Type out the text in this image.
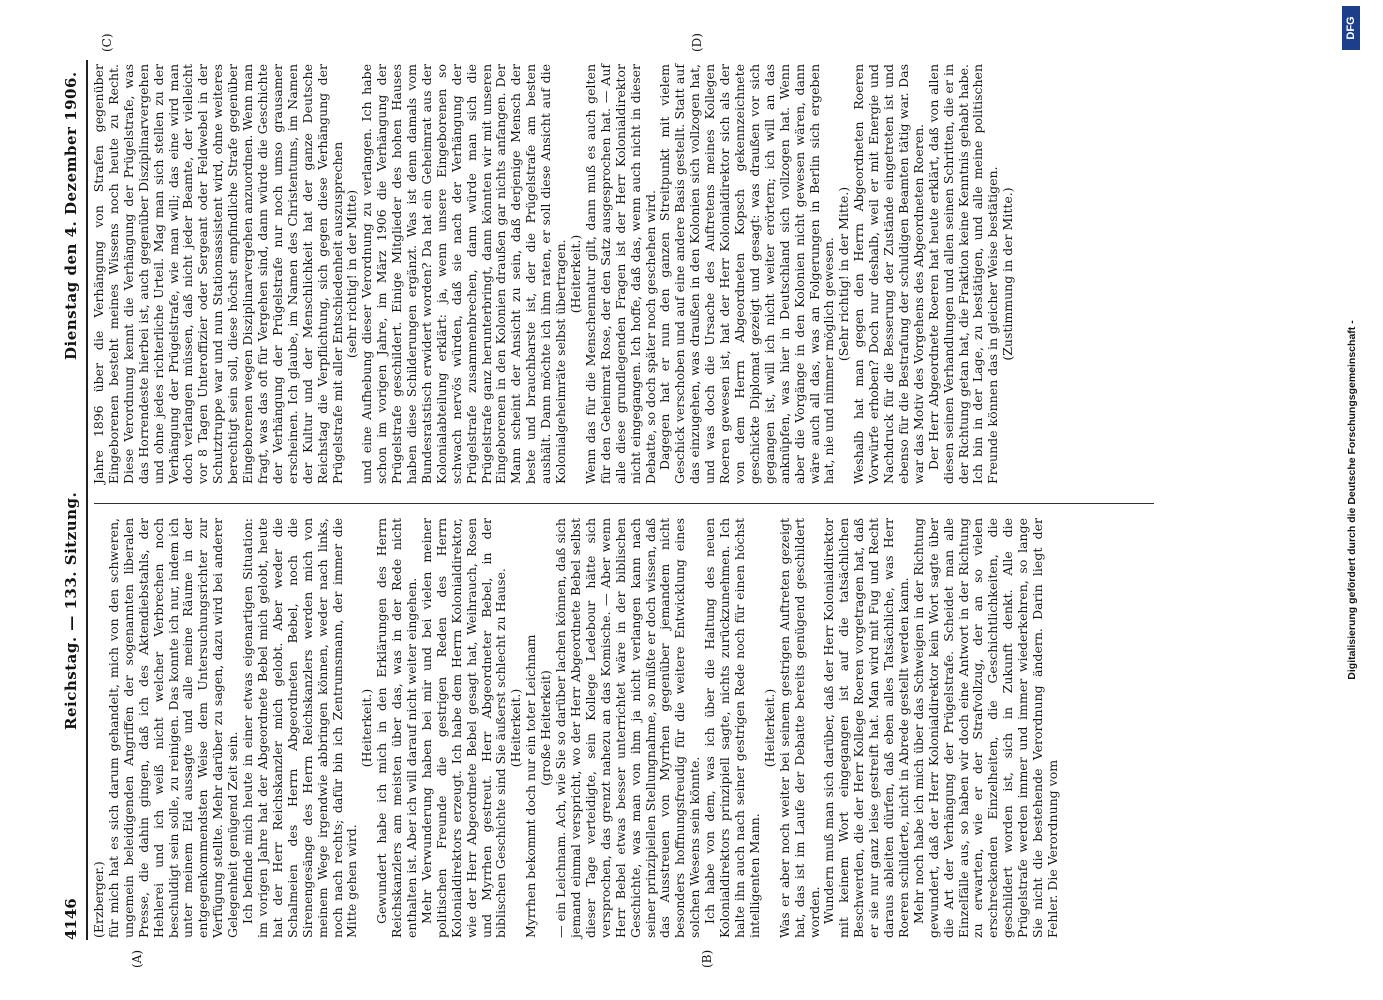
4146
Reichstag. — 133. Sitzung.
Dienstag den 4. Dezember 1906.
(A)	(B)
(C)	(D)

(Erzberger.) für mich hat es sich darum gehandelt, mich von den schweren, ungemein beleidigenden Angriffen der sogenannten liberalen Presse, die dahin gingen, daß ich des Aktendiebstahls, der Hehlerei und ich weiß nicht welcher Verbrechen noch beschuldigt sein solle, zu reinigen. Das konnte ich nur, indem ich unter meinem Eid aussagte und alle meine Räume in der entgegenkommendsten Weise dem Untersuchungsrichter zur Verfügung stellte. Mehr darüber zu sagen, dazu wird bei anderer Gelegenheit genügend Zeit sein. Ich befinde mich heute in einer etwas eigenartigen Situation: im vorigen Jahre hat der Abgeordnete Bebel mich gelobt, heute hat der Herr Reichskanzler mich gelobt. Aber weder die Schalmeien des Herrn Abgeordneten Bebel, noch die Sirenengesänge des Herrn Reichskanzlers werden mich von meinem Wege irgendwie abbringen können, weder nach links, noch nach rechts; dafür bin ich Zentrumsmann, der immer die Mitte gehen wird.

(Heiterkeit.) Gewundert habe ich mich in den Erklärungen des Herrn Reichskanzlers am meisten über das, was in der Rede nicht enthalten ist. Aber ich will darauf nicht weiter eingehen. Mehr Verwunderung haben bei mir und bei vielen meiner politischen Freunde die gestrigen Reden des Herrn Kolonialdirektors erzeugt. Ich habe dem Herrn Kolonialdirektor, wie der Herr Abgeordnete Bebel gesagt hat, Weihrauch, Rosen und Myrrhen gestreut. Herr Abgeordneter Bebel, in der biblischen Geschichte sind Sie äußerst schlecht zu Hause. (Heiterkeit.) Myrrhen bekommt doch nur ein toter Leichnam (große Heiterkeit) — ein Leichnam. Ach, wie Sie so darüber lachen können, daß sich jemand einmal verspricht, wo der Herr Abgeordnete Bebel selbst dieser Tage verteidigte, sein Kollege Ledebour hätte sich versprochen, das grenzt nahezu an das Komische. — Aber wenn Herr Bebel etwas besser unterrichtet wäre in der biblischen Geschichte, was man von ihm ja nicht verlangen kann nach seiner prinzipiellen Stellungnahme, so müßte er doch wissen, daß das Ausstreuen von Myrrhen gegenüber jemandem nicht besonders hoffnungsfreudig für die weitere Entwicklung eines solchen Wesens sein könnte. Ich habe von dem, was ich über die Haltung des neuen Kolonialdirektors prinzipiell sagte, nichts zurückzunehmen. Ich halte ihn auch nach seiner gestrigen Rede noch für einen höchst intelligenten Mann.

(Heiterkeit.) Was er aber noch weiter bei seinem gestrigen Auftreten gezeigt hat, das ist im Laufe der Debatte bereits genügend geschildert worden. Wundern muß man sich darüber, daß der Herr Kolonialdirektor mit keinem Wort eingegangen ist auf die tatsächlichen Beschwerden, die der Herr Kollege Roeren vorgetragen hat, daß er sie nur ganz leise gestreift hat. Man wird mit Fug und Recht daraus ableiten dürfen, daß eben alles Tatsächliche, was Herr Roeren schilderte, nicht in Abrede gestellt werden kann. Mehr noch habe ich mich über das Schweigen in der Richtung gewundert, daß der Herr Kolonialdirektor kein Wort sagte über die Art der Verhängung der Prügelstrafe. Scheidet man alle Einzelfälle aus, so haben wir doch eine Antwort in der Richtung zu erwarten, wie er der Strafvollzug, der an so vielen erschreckenden Einzelheiten, die Geschichtlichkeiten, die geschildert worden ist, sich in Zukunft denkt. Alle die Prügelstrafe werden immer und immer wiederkehren, so lange Sie nicht die bestehende Verordnung ändern. Darin liegt der Fehler. Die Verordnung vom

Jahre 1896 über die Verhängung von Strafen gegenüber Eingeborenen besteht meines Wissens noch heute zu Recht. Diese Verordnung kennt die Verhängung der Prügelstrafe, was das Horrendeste hierbei ist, auch gegenüber Disziplinarvergehen und ohne jedes richterliche Urteil. Mag man sich stellen zu der Verhängung der Prügelstrafe, wie man will; das eine wird man doch verlangen müssen, daß nicht jeder Beamte, der vielleicht vor 8 Tagen Unteroffizier oder Sergeant oder Feldwebel in der Schutztruppe war und nun Stationsassistent wird, ohne weiteres berechtigt sein soll, diese höchst empfindliche Strafe gegenüber Eingeborenen wegen Disziplinarvergehen anzuordnen. Wenn man fragt, was das oft für Vergehen sind, dann würde die Geschichte der Verhängung der Prügelstrafe nur noch umso grausamer erscheinen. Ich glaube, im Namen des Christentums, im Namen der Kultur und der Menschlichkeit hat der ganze Deutsche Reichstag die Verpflichtung, sich gegen diese Verhängung der Prügelstrafe mit aller Entschiedenheit auszusprechen (sehr richtig! in der Mitte) und eine Aufhebung dieser Verordnung zu verlangen. Ich habe schon im vorigen Jahre, im März 1906 die Verhängung der Prügelstrafe geschildert. Einige Mitglieder des hohen Hauses haben diese Schilderungen ergänzt. Was ist denn damals vom Bundesratstisch erwidert worden? Da hat ein Geheimrat aus der Kolonialabteilung erklärt: ja, wenn unsere Eingeborenen so schwach nervös würden, daß sie nach der Verhängung der Prügelstrafe zusammenbrechen, dann würde man sich die Prügelstrafe ganz herunterbringt, dann könnten wir mit unseren Eingeborenen in den Kolonien draußen gar nichts anfangen. Der Mann scheint der Ansicht zu sein, daß derjenige Mensch der beste und brauchbarste ist, der die Prügelstrafe am besten aushält. Dann möchte ich ihm raten, er soll diese Ansicht auf die Kolonialgeheimräte selbst übertragen. (Heiterkeit.) Wenn das für die Menschennatur gilt, dann muß es auch gelten für den Geheimrat Rose, der den Satz ausgesprochen hat. — Auf alle diese grundlegenden Fragen ist der Herr Kolonialdirektor nicht eingegangen. Ich hoffe, daß das, wenn auch nicht in dieser Debatte, so doch später noch geschehen wird. Dagegen hat er nun den ganzen Streitpunkt mit vielem Geschick verschoben und auf eine andere Basis gestellt. Statt auf das einzugehen, was draußen in den Kolonien sich vollzogen hat, und was doch die Ursache des Auftretens meines Kollegen Roeren gewesen ist, hat der Herr Kolonialdirektor sich als der von dem Herrn Abgeordneten Kopsch gekennzeichnete geschickte Diplomat gezeigt und gesagt: was draußen vor sich gegangen ist, will ich nicht weiter erörtern; ich will an das anknüpfen, was hier in Deutschland sich vollzogen hat. Wenn aber die Vorgänge in den Kolonien nicht gewesen wären, dann wäre auch all das, was an Folgerungen in Berlin sich ergeben hat, nie und nimmer möglich gewesen. (Sehr richtig! in der Mitte.) Weshalb hat man gegen den Herrn Abgeordneten Roeren Vorwürfe erhoben? Doch nur deshalb, weil er mit Energie und Nachdruck für die Besserung der Zustände eingetreten ist und ebenso für die Bestrafung der schuldigen Beamten tätig war. Das war das Motiv des Vorgehens des Abgeordneten Roeren. Der Herr Abgeordnete Roeren hat heute erklärt, daß von allen diesen seinen Verhandlungen und allen seinen Schritten, die er in der Richtung getan hat, die Fraktion keine Kenntnis gehabt habe. Ich bin in der Lage, zu bestätigen, und alle meine politischen Freunde können das in gleicher Weise bestätigen. (Zustimmung in der Mitte.)

Digitalisierung gefördert durch die Deutsche Forschungsgemeinschaft -
DFG
